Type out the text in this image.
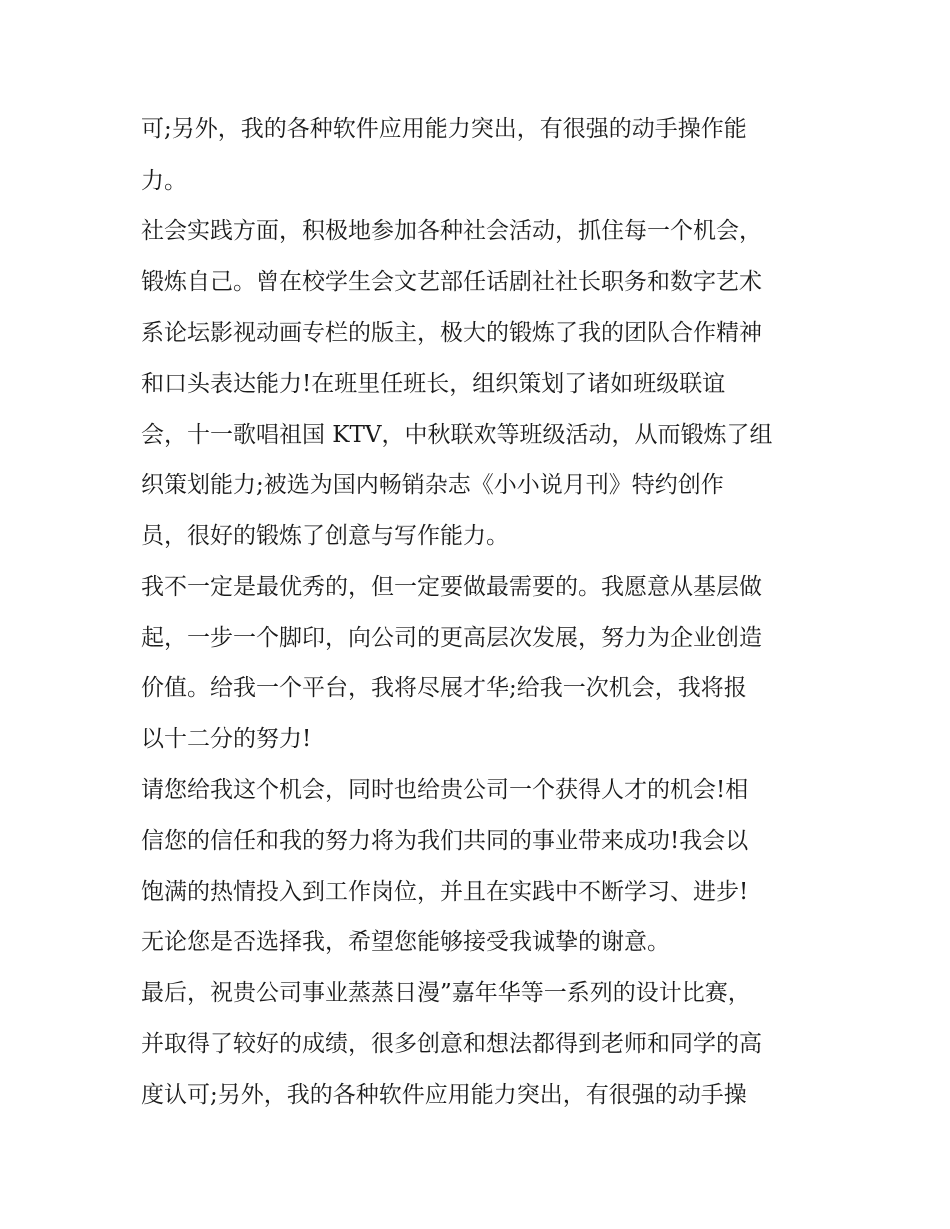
可;另外，我的各种软件应用能力突出，有很强的动手操作能
力。
社会实践方面，积极地参加各种社会活动，抓住每一个机会，
锻炼自己。曾在校学生会文艺部任话剧社社长职务和数字艺术
系论坛影视动画专栏的版主，极大的锻炼了我的团队合作精神
和口头表达能力!在班里任班长，组织策划了诸如班级联谊
会，十一歌唱祖国 KTV，中秋联欢等班级活动，从而锻炼了组
织策划能力;被选为国内畅销杂志《小小说月刊》特约创作
员，很好的锻炼了创意与写作能力。
我不一定是最优秀的，但一定要做最需要的。我愿意从基层做
起，一步一个脚印，向公司的更高层次发展，努力为企业创造
价值。给我一个平台，我将尽展才华;给我一次机会，我将报
以十二分的努力!
请您给我这个机会，同时也给贵公司一个获得人才的机会!相
信您的信任和我的努力将为我们共同的事业带来成功!我会以
饱满的热情投入到工作岗位，并且在实践中不断学习、进步!
无论您是否选择我，希望您能够接受我诚挚的谢意。
最后，祝贵公司事业蒸蒸日漫”嘉年华等一系列的设计比赛，
并取得了较好的成绩，很多创意和想法都得到老师和同学的高
度认可;另外，我的各种软件应用能力突出，有很强的动手操
